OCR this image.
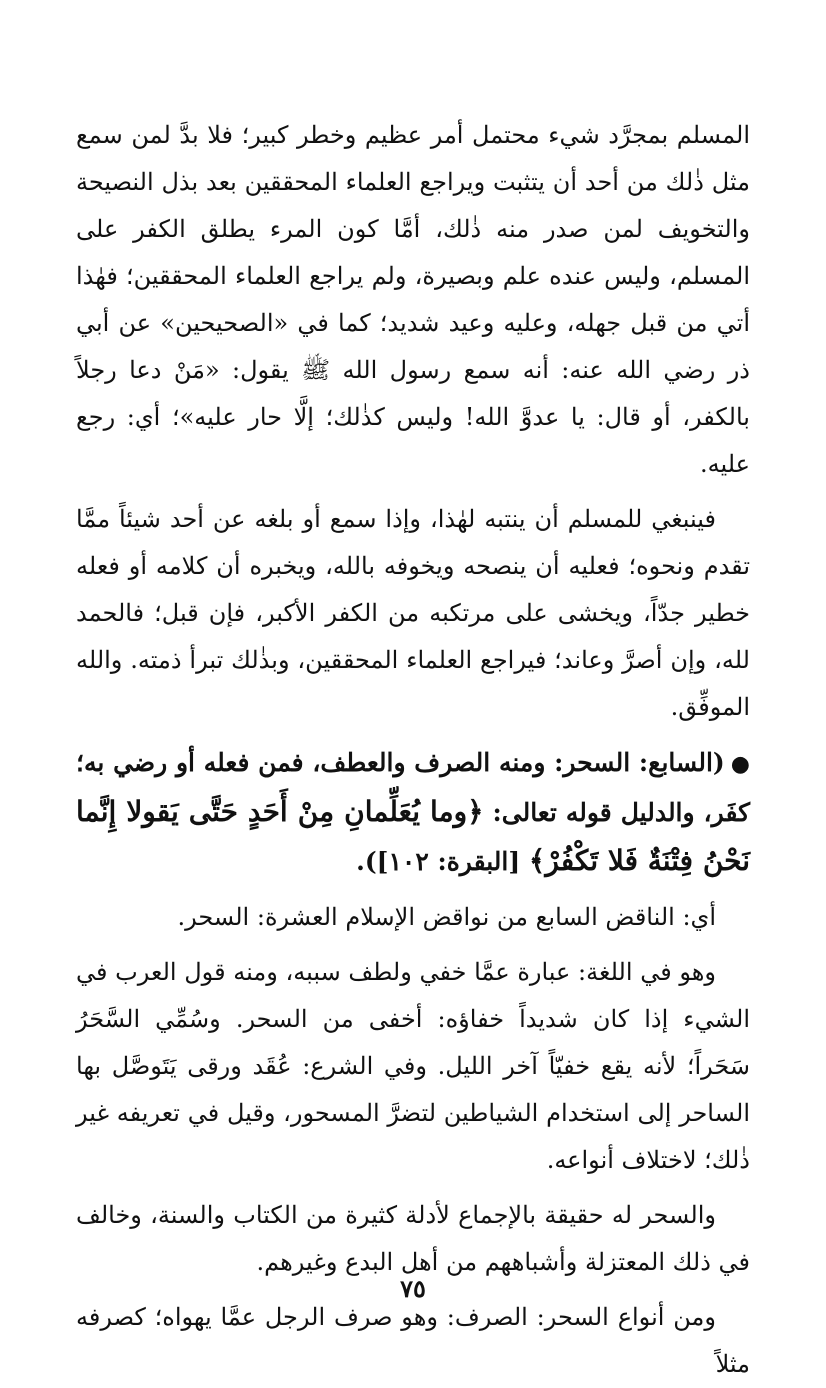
المسلم بمجرَّد شيء محتمل أمر عظيم وخطر كبير؛ فلا بدَّ لمن سمع مثل ذٰلك من أحد أن يتثبت ويراجع العلماء المحققين بعد بذل النصيحة والتخويف لمن صدر منه ذٰلك، أمَّا كون المرء يطلق الكفر على المسلم، وليس عنده علم وبصيرة، ولم يراجع العلماء المحققين؛ فهٰذا أتي من قبل جهله، وعليه وعيد شديد؛ كما في «الصحيحين» عن أبي ذر رضي الله عنه: أنه سمع رسول الله ﷺ يقول: «مَنْ دعا رجلاً بالكفر، أو قال: يا عدوَّ الله! وليس كذٰلك؛ إلَّا حار عليه»؛ أي: رجع عليه.

فينبغي للمسلم أن ينتبه لهٰذا، وإذا سمع أو بلغه عن أحد شيئاً ممَّا تقدم ونحوه؛ فعليه أن ينصحه ويخوفه بالله، ويخبره أن كلامه أو فعله خطير جدّاً، ويخشى على مرتكبه من الكفر الأكبر، فإن قبل؛ فالحمد لله، وإن أصرَّ وعاند؛ فيراجع العلماء المحققين، وبذٰلك تبرأ ذمته. والله الموفِّق.

●(السابع: السحر: ومنه الصرف والعطف، فمن فعله أو رضي به؛ كفَر، والدليل قوله تعالى: ﴿وما يُعَلِّمانِ مِنْ أَحَدٍ حَتَّى يَقولا إِنَّما نَحْنُ فِتْنَةٌ فَلا تَكْفُرْ﴾ [البقرة: ١٠٢]).

أي: الناقض السابع من نواقض الإسلام العشرة: السحر.

وهو في اللغة: عبارة عمَّا خفي ولطف سببه، ومنه قول العرب في الشيء إذا كان شديداً خفاؤه: أخفى من السحر. وسُمِّي السَّحَرُ سَحَراً؛ لأنه يقع خفيّاً آخر الليل. وفي الشرع: عُقَد ورقى يَتَوصَّل بها الساحر إلى استخدام الشياطين لتضرَّ المسحور، وقيل في تعريفه غير ذٰلك؛ لاختلاف أنواعه.

والسحر له حقيقة بالإجماع لأدلة كثيرة من الكتاب والسنة، وخالف في ذلك المعتزلة وأشباههم من أهل البدع وغيرهم.

ومن أنواع السحر: الصرف: وهو صرف الرجل عمَّا يهواه؛ كصرفه مثلاً

٧٥
